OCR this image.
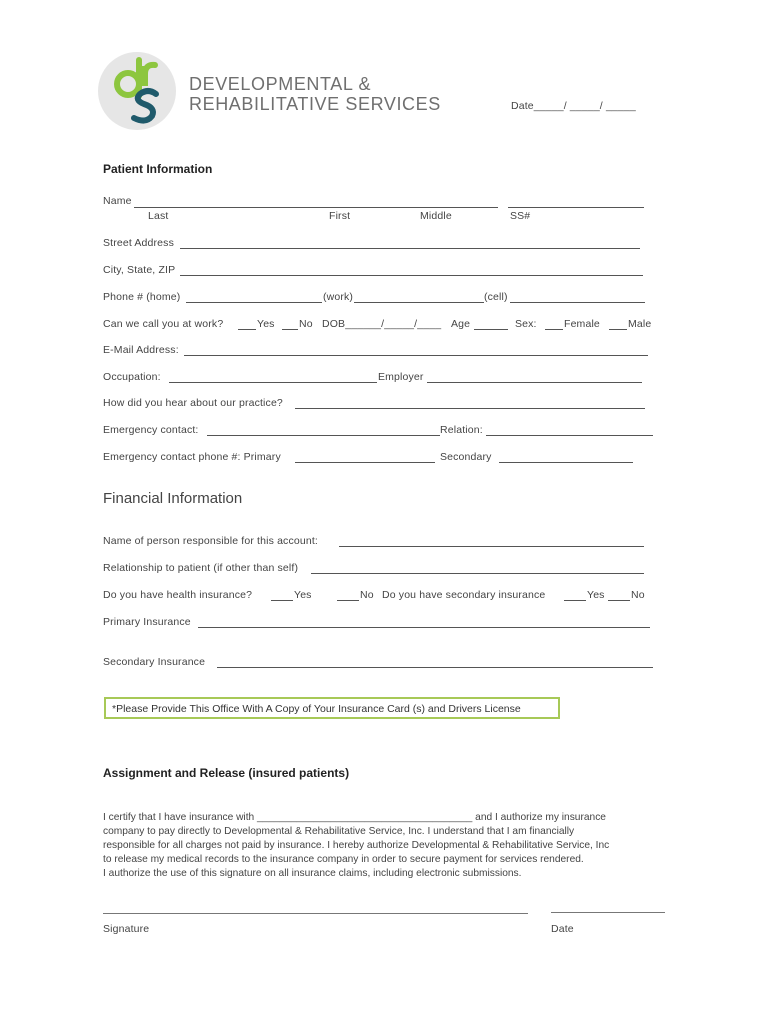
DEVELOPMENTAL &
REHABILITATIVE SERVICES	Date_____/ _____/ _____
Patient Information
Name
Last	First	Middle	SS#
Street Address
City, State, ZIP
Phone # (home)	(work)	(cell)
Can we call you at work?	Yes No DOB______/_____/____ Age	Sex:	Female	Male
E-Mail Address:
Occupation:	Employer
How did you hear about our practice?
Emergency contact:	Relation:
Emergency contact phone #: Primary	Secondary
Financial Information
Name of person responsible for this account:
Relationship to patient (if other than self)
Do you have health insurance?	Yes	No Do you have secondary insurance	Yes	No
Primary Insurance
Secondary Insurance
*Please Provide This Office With A Copy of Your Insurance Card (s) and Drivers License
Assignment and Release (insured patients)
I certify that I have insurance with ______________________________________ and I authorize my insurance
company to pay directly to Developmental & Rehabilitative Service, Inc. I understand that I am financially
responsible for all charges not paid by insurance. I hereby authorize Developmental & Rehabilitative Service, Inc
to release my medical records to the insurance company in order to secure payment for services rendered.
I authorize the use of this signature on all insurance claims, including electronic submissions.
Signature	Date
